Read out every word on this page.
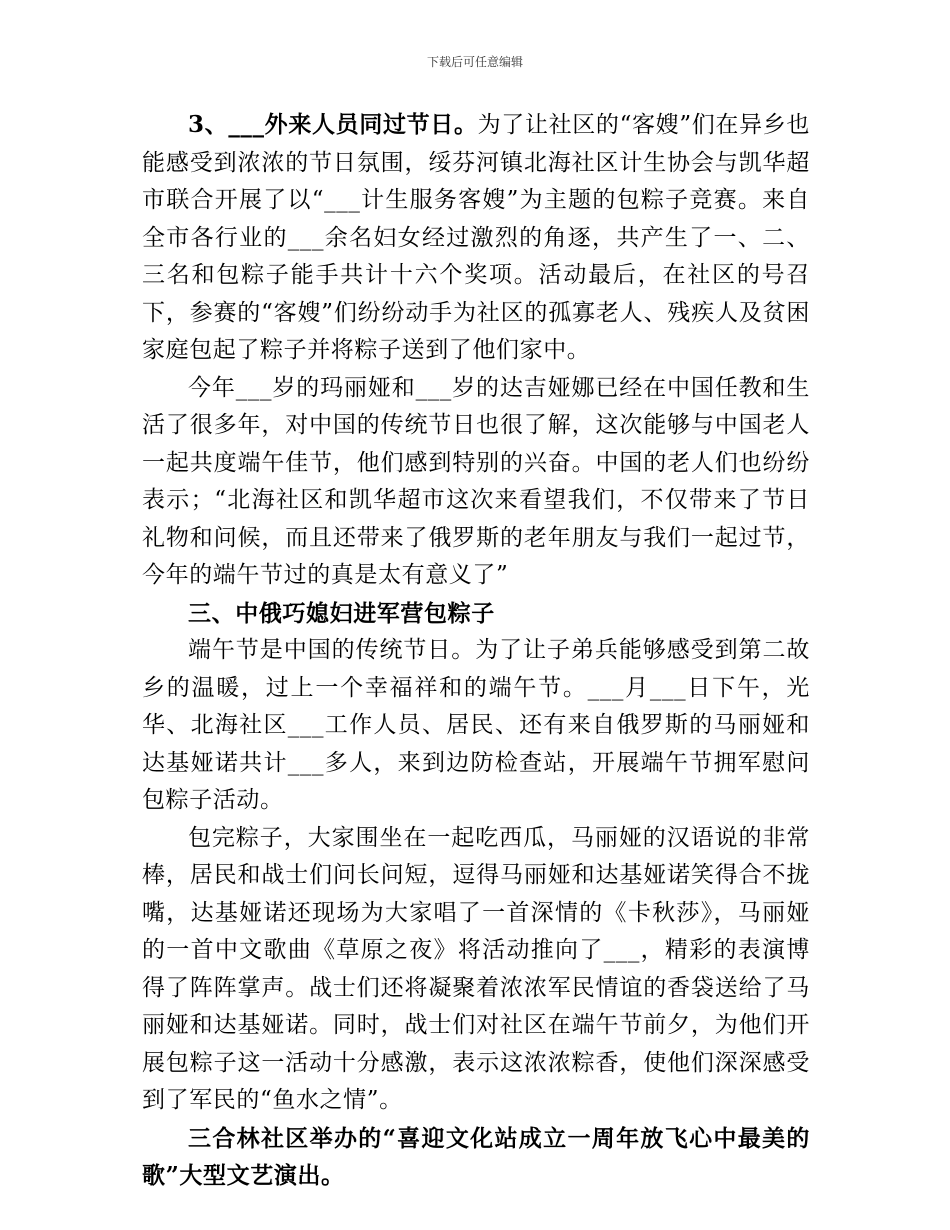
下载后可任意编辑

3、___外来人员同过节日。为了让社区的“客嫂”们在异乡也能感受到浓浓的节日氛围，绥芬河镇北海社区计生协会与凯华超市联合开展了以“___计生服务客嫂”为主题的包粽子竞赛。来自全市各行业的___余名妇女经过激烈的角逐，共产生了一、二、三名和包粽子能手共计十六个奖项。活动最后，在社区的号召下，参赛的“客嫂”们纷纷动手为社区的孤寡老人、残疾人及贫困家庭包起了粽子并将粽子送到了他们家中。

今年___岁的玛丽娅和___岁的达吉娅娜已经在中国任教和生活了很多年，对中国的传统节日也很了解，这次能够与中国老人一起共度端午佳节，他们感到特别的兴奋。中国的老人们也纷纷表示；“北海社区和凯华超市这次来看望我们，不仅带来了节日礼物和问候，而且还带来了俄罗斯的老年朋友与我们一起过节，今年的端午节过的真是太有意义了”

三、中俄巧媳妇进军营包粽子

端午节是中国的传统节日。为了让子弟兵能够感受到第二故乡的温暖，过上一个幸福祥和的端午节。___月___日下午，光华、北海社区___工作人员、居民、还有来自俄罗斯的马丽娅和达基娅诺共计___多人，来到边防检查站，开展端午节拥军慰问包粽子活动。

包完粽子，大家围坐在一起吃西瓜，马丽娅的汉语说的非常棒，居民和战士们问长问短，逗得马丽娅和达基娅诺笑得合不拢嘴，达基娅诺还现场为大家唱了一首深情的《卡秋莎》，马丽娅的一首中文歌曲《草原之夜》将活动推向了___，精彩的表演博得了阵阵掌声。战士们还将凝聚着浓浓军民情谊的香袋送给了马丽娅和达基娅诺。同时，战士们对社区在端午节前夕，为他们开展包粽子这一活动十分感激，表示这浓浓粽香，使他们深深感受到了军民的“鱼水之情”。

三合林社区举办的“喜迎文化站成立一周年放飞心中最美的歌”大型文艺演出。
